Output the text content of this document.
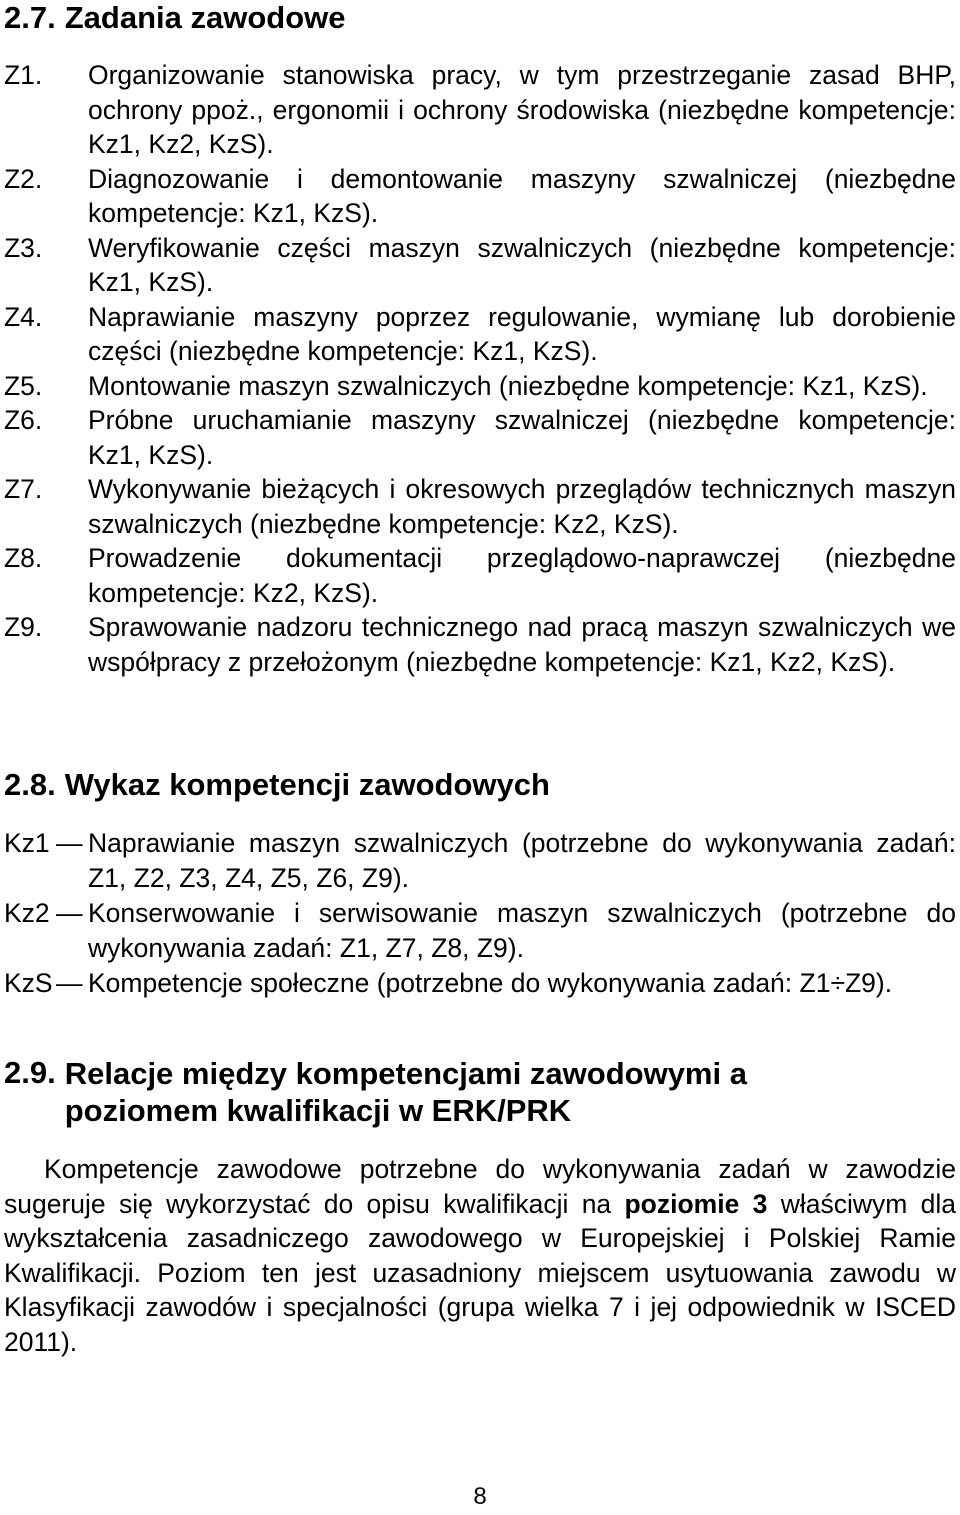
2.7. Zadania zawodowe
Z1.	Organizowanie stanowiska pracy, w tym przestrzeganie zasad BHP, ochrony ppoż., ergonomii i ochrony środowiska (niezbędne kompetencje: Kz1, Kz2, KzS).
Z2.	Diagnozowanie i demontowanie maszyny szwalniczej (niezbędne kompetencje: Kz1, KzS).
Z3.	Weryfikowanie części maszyn szwalniczych (niezbędne kompetencje: Kz1, KzS).
Z4.	Naprawianie maszyny poprzez regulowanie, wymianę lub dorobienie części (niezbędne kompetencje: Kz1, KzS).
Z5.	Montowanie maszyn szwalniczych (niezbędne kompetencje: Kz1, KzS).
Z6.	Próbne uruchamianie maszyny szwalniczej (niezbędne kompetencje: Kz1, KzS).
Z7.	Wykonywanie bieżących i okresowych przeglądów technicznych maszyn szwalniczych (niezbędne kompetencje: Kz2, KzS).
Z8.	Prowadzenie dokumentacji przeglądowo-naprawczej (niezbędne kompetencje: Kz2, KzS).
Z9.	Sprawowanie nadzoru technicznego nad pracą maszyn szwalniczych we współpracy z przełożonym (niezbędne kompetencje: Kz1, Kz2, KzS).
2.8. Wykaz kompetencji zawodowych
Kz1 — Naprawianie maszyn szwalniczych (potrzebne do wykonywania zadań: Z1, Z2, Z3, Z4, Z5, Z6, Z9).
Kz2 — Konserwowanie i serwisowanie maszyn szwalniczych (potrzebne do wykonywania zadań: Z1, Z7, Z8, Z9).
KzS — Kompetencje społeczne (potrzebne do wykonywania zadań: Z1÷Z9).
2.9. Relacje między kompetencjami zawodowymi a poziomem kwalifikacji w ERK/PRK

Kompetencje zawodowe potrzebne do wykonywania zadań w zawodzie sugeruje się wykorzystać do opisu kwalifikacji na poziomie 3 właściwym dla wykształcenia zasadniczego zawodowego w Europejskiej i Polskiej Ramie Kwalifikacji. Poziom ten jest uzasadniony miejscem usytuowania zawodu w Klasyfikacji zawodów i specjalności (grupa wielka 7 i jej odpowiednik w ISCED 2011).

8
